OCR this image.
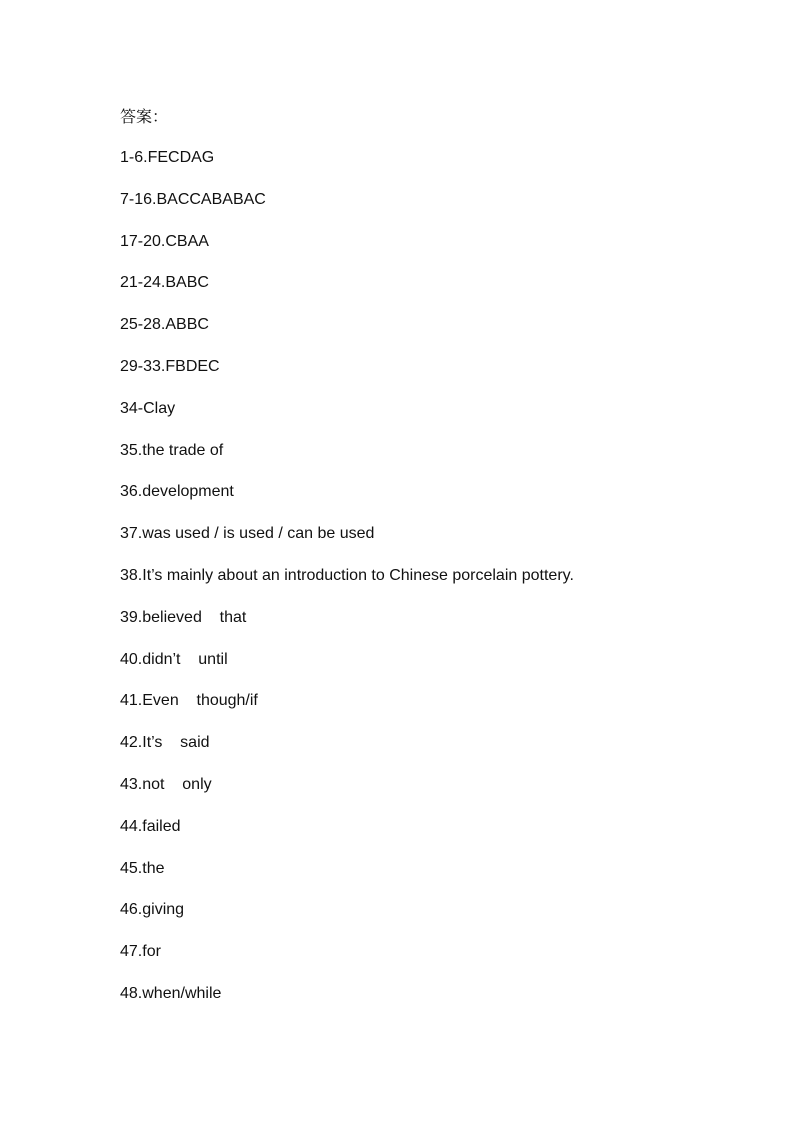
答案：
1-6.FECDAG
7-16.BACCABABAC
17-20.CBAA
21-24.BABC
25-28.ABBC
29-33.FBDEC
34-Clay
35.the trade of
36.development
37.was used / is used / can be used
38.It’s mainly about an introduction to Chinese porcelain pottery.
39.believed    that
40.didn’t    until
41.Even    though/if
42.It’s    said
43.not    only
44.failed
45.the
46.giving
47.for
48.when/while
